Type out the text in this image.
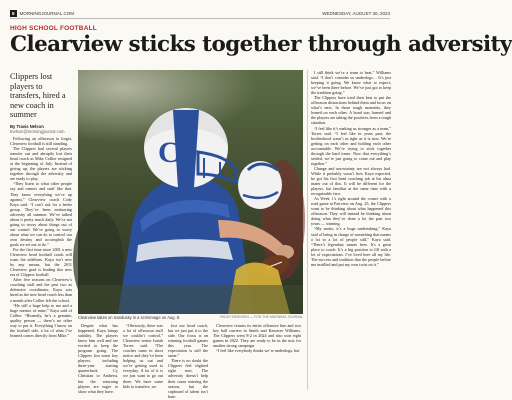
8	MORNINGJOURNAL.COM	WEDNESDAY, AUGUST 30, 2023
HIGH SCHOOL FOOTBALL
Clearview sticks together through adversity

Clippers lost players to transfers, hired a new coach in summer

By Travis Nelson
tnelson@morningjournal.com

Following an offseason to forget, Clearview football is still standing.

The Clippers had several players transfer out and abruptly lost their head coach as Mike Collier resigned at the beginning of July. Instead of giving up, the players are sticking together through the adversity and are ready to play.

“They listen to what other people say and rumors and stuff like that. They know everything we’re up against,” Clearview coach Cody Kaya said. “I can’t ask for a better group. They’ve been embracing adversity all summer. We’ve talked about it pretty much daily. We’re not going to worry about things out of our control. We’re going to worry about what we can do to control our own destiny and accomplish the goals we set out to do.”

For the first time since 2001 a new Clearview head football coach will roam the sidelines. Kaya isn’t new by any means, but the 2011 Clearview grad is leading this new era of Clippers football.

After five seasons on Clearview’s coaching staff and the past two as defensive coordinator, Kaya was hired as the new head coach less than a month after Collier left the school.

“He still a huge help to me and a huge mentor of mine,” Kaya said of Collier. “Honestly, he’s a genuine, quality person — there’s no other way to put it. Everything I know on the football side, a lot of what I’ve learned comes directly from Mike.”

C
Clearview takes on Sandusky in a scrimmage on Aug. 8.	PADDY BERNSEN — FOR THE MORNING JOURNAL

Despite what has happened, Kaya brings stability. The players know him well and are excited to keep the program going. The Clippers lost some key players, including three-year starting quarterback Cy Christian to Amherst, but the returning players are eager to show what they have.

“Obviously, there was a lot of offseason stuff we couldn’t control,” Clearview senior Isaiah Torres said. “The coaches came in short notice and they’ve been helping us out and we’re getting used to everyday. A lot of it is we just want to go out there. We have some kids to transfers, we

lost our head coach, but we just put it to the side. Our focus is on winning football games this year. The expectation is still the same.”

There is no doubt the Clippers feel slighted right now. The adversity doesn’t help their cause entering the season, but the cupboard of talent isn’t bare.

Clearview returns its entire offensive line and two key ball carriers in Smith and Kemerer Williams. The Clippers went 8-2 in 2024 and also won eight games in 2022. They are ready to be in the mix for another strong campaign.

“I feel like everybody thinks we’re underdogs, but

I still think we’re a team to beat,” Williams said. “I don’t consider us underdogs… It’s just keeping it going. We know what to expect, we’ve been there before. We’ve just got to keep the tradition going.”

The Clippers have tried their best to put the offseason distractions behind them and focus on what’s next. In those tough moments, they leaned on each other. A bond was formed and the players are taking the positives from a tough situation.

“I feel like it’s making us stronger as a team,” Torres said. “I feel like in years past, the brotherhood wasn’t as tight as it is now. We’re getting on each other and holding each other accountable. We’re trying to stick together through the hard times. Now that everything’s settled, we’re just going to come out and play together.”

Change and uncertainty are not always bad. While it probably wasn’t how Kaya expected, he got his first head coaching job at his alma mater out of this. It will be different for the players, but familiar at the same time with a recognizable face.

As Week 1’s right around the corner with a road game at Fairview on Aug. 25, the Clippers want to be thinking about what happened this offseason. They will instead be thinking about doing what they’ve done a lot the past two years — winning.

“My motto, it’s a huge undertaking,” Kaya said of being in charge of something that means a lot to a lot of people still,” Kaya said. “There’s legendary names here. It’s a great place to coach. It’s a big position to fill with a lot of expectations. I’ve lived here all my life. The success and tradition that the people before me instilled and put my own twist on it.”
